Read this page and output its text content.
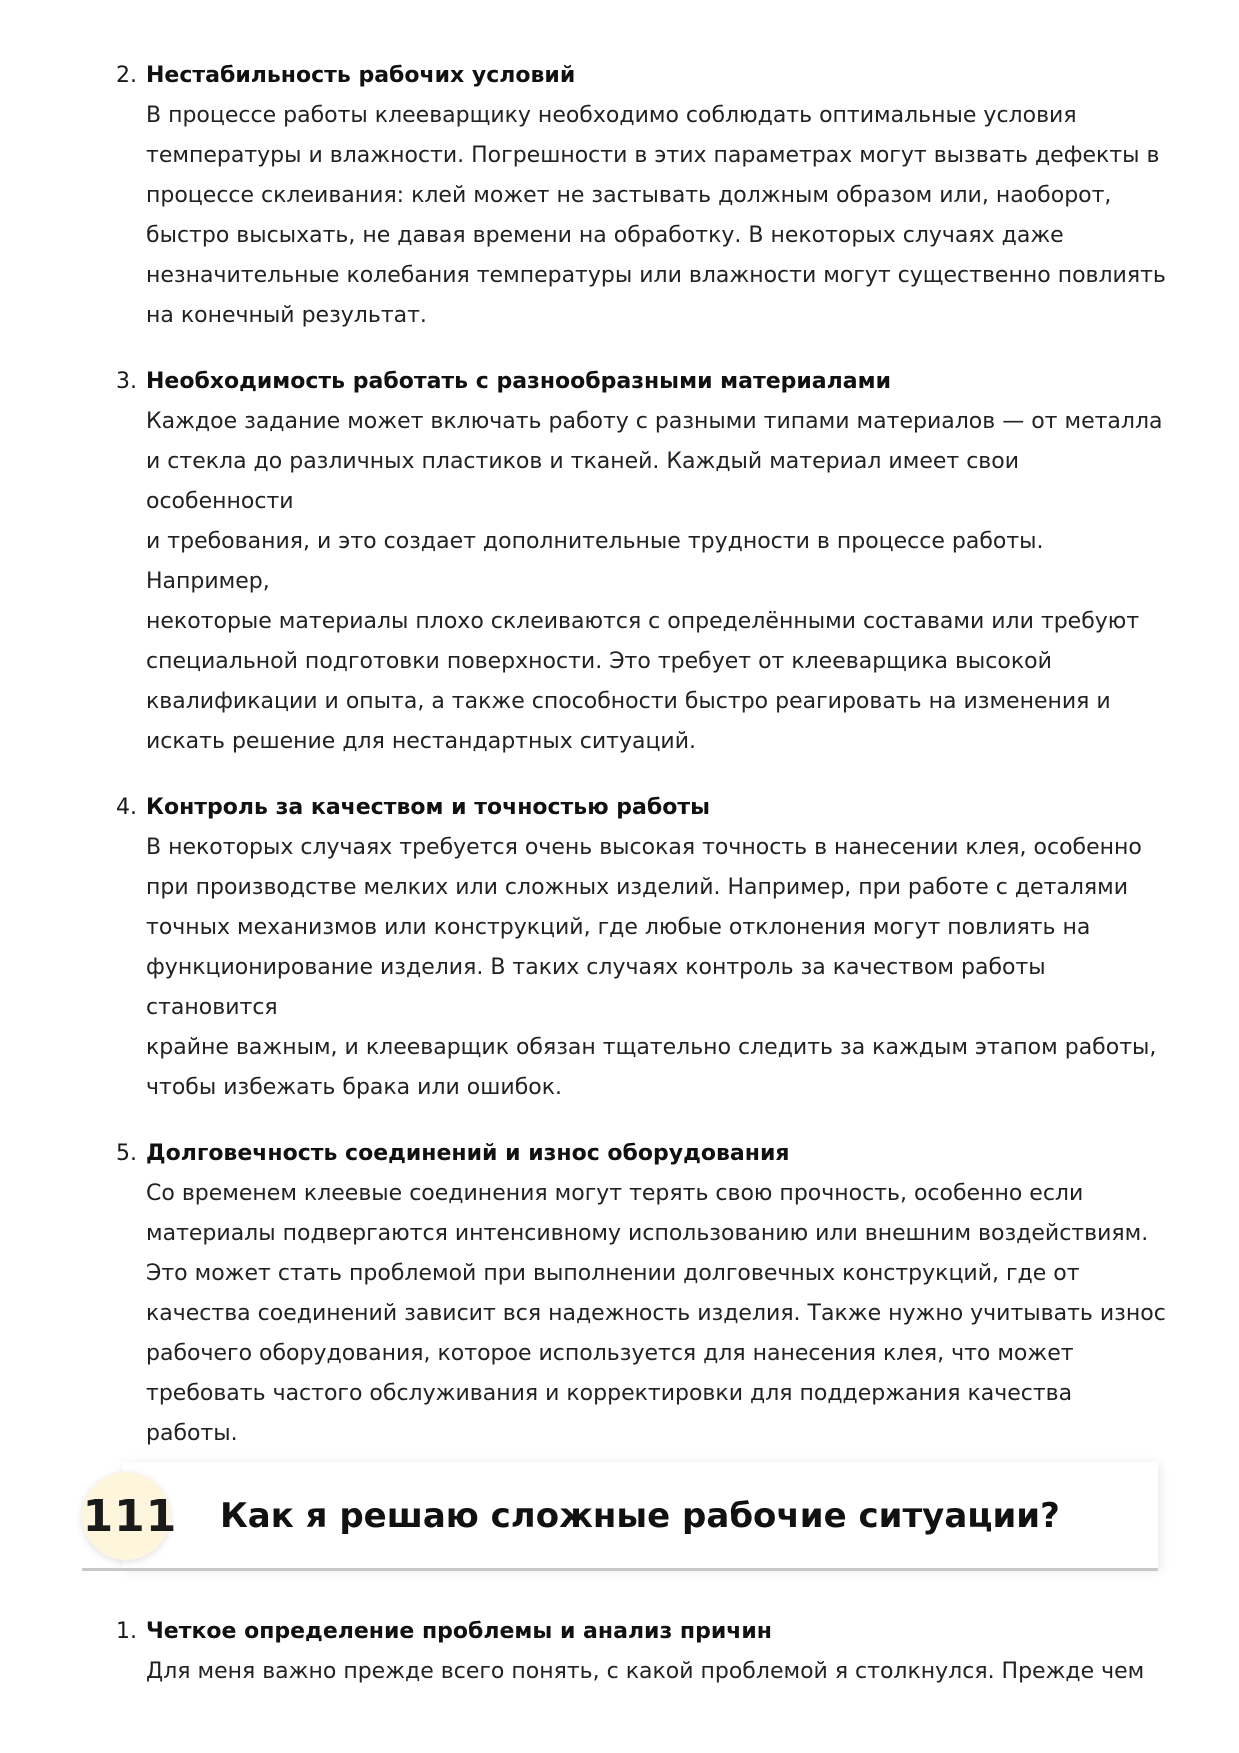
2. Нестабильность рабочих условий

В процессе работы клееварщику необходимо соблюдать оптимальные условия
температуры и влажности. Погрешности в этих параметрах могут вызвать дефекты в
процессе склеивания: клей может не застывать должным образом или, наоборот,
быстро высыхать, не давая времени на обработку. В некоторых случаях даже
незначительные колебания температуры или влажности могут существенно повлиять
на конечный результат.

3. Необходимость работать с разнообразными материалами

Каждое задание может включать работу с разными типами материалов — от металла
и стекла до различных пластиков и тканей. Каждый материал имеет свои особенности
и требования, и это создает дополнительные трудности в процессе работы. Например,
некоторые материалы плохо склеиваются с определёнными составами или требуют
специальной подготовки поверхности. Это требует от клееварщика высокой
квалификации и опыта, а также способности быстро реагировать на изменения и
искать решение для нестандартных ситуаций.

4. Контроль за качеством и точностью работы

В некоторых случаях требуется очень высокая точность в нанесении клея, особенно
при производстве мелких или сложных изделий. Например, при работе с деталями
точных механизмов или конструкций, где любые отклонения могут повлиять на
функционирование изделия. В таких случаях контроль за качеством работы становится
крайне важным, и клееварщик обязан тщательно следить за каждым этапом работы,
чтобы избежать брака или ошибок.

5. Долговечность соединений и износ оборудования

Со временем клеевые соединения могут терять свою прочность, особенно если
материалы подвергаются интенсивному использованию или внешним воздействиям.
Это может стать проблемой при выполнении долговечных конструкций, где от
качества соединений зависит вся надежность изделия. Также нужно учитывать износ
рабочего оборудования, которое используется для нанесения клея, что может
требовать частого обслуживания и корректировки для поддержания качества работы.

111 Как я решаю сложные рабочие ситуации?
1. Четкое определение проблемы и анализ причин

Для меня важно прежде всего понять, с какой проблемой я столкнулся. Прежде чем
